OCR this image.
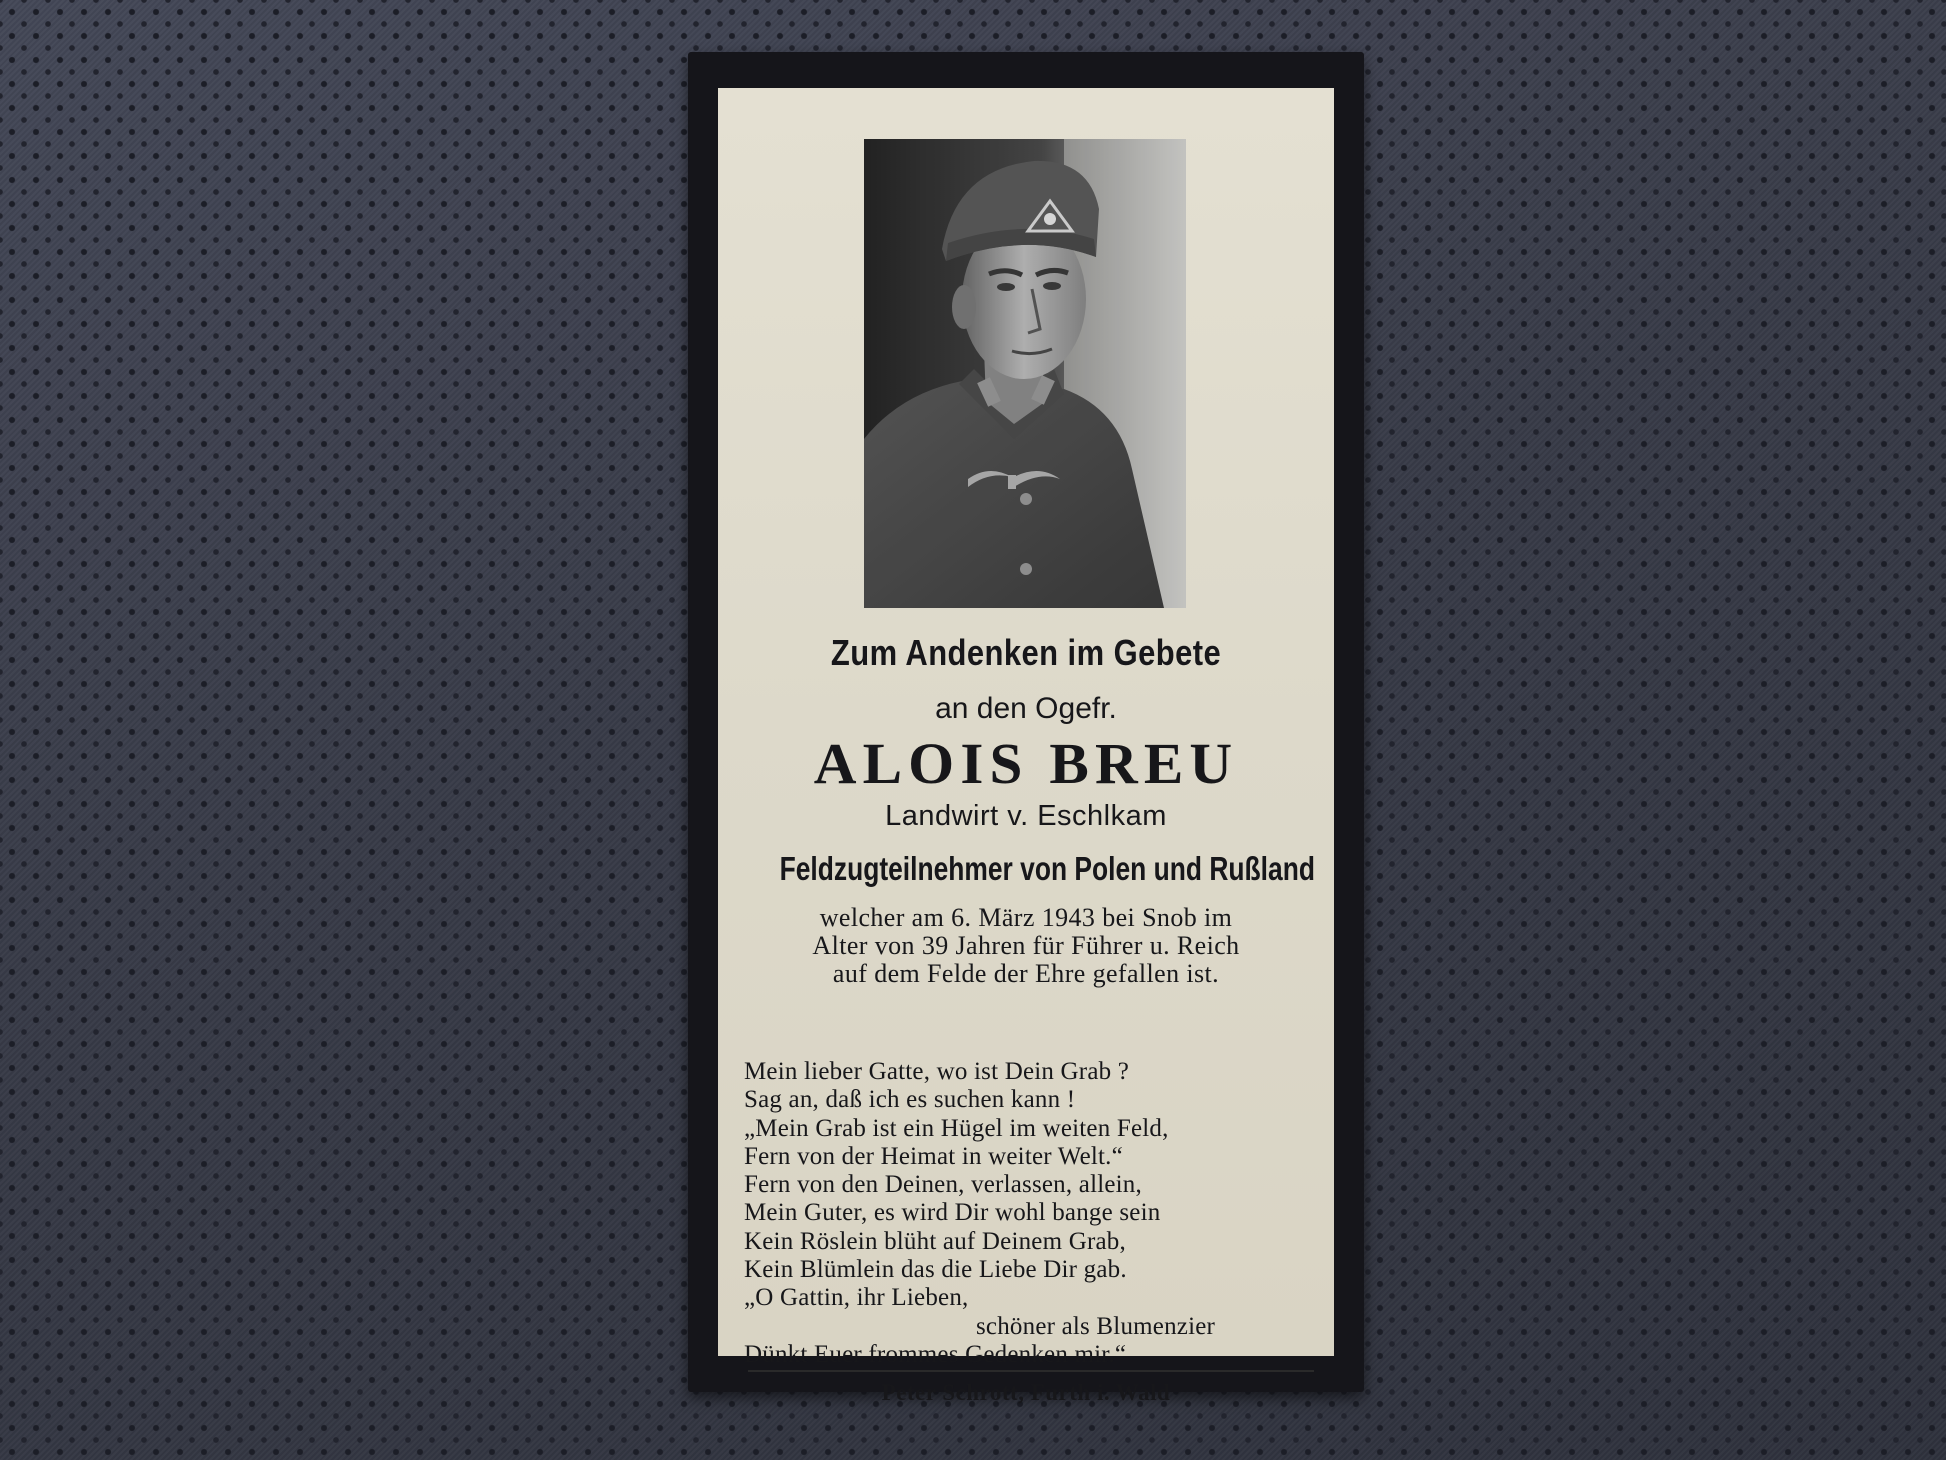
Zum Andenken im Gebete
an den Ogefr.
ALOIS BREU
Landwirt v. Eschlkam
Feldzugteilnehmer von Polen und Rußland
welcher am 6. März 1943 bei Snob im
Alter von 39 Jahren für Führer u. Reich
auf dem Felde der Ehre gefallen ist.
Mein lieber Gatte, wo ist Dein Grab ?
Sag an, daß ich es suchen kann !
„Mein Grab ist ein Hügel im weiten Feld,
Fern von der Heimat in weiter Welt.“
Fern von den Deinen, verlassen, allein,
Mein Guter, es wird Dir wohl bange sein
Kein Röslein blüht auf Deinem Grab,
Kein Blümlein das die Liebe Dir gab.
„O Gattin, ihr Lieben,
schöner als Blumenzier
Dünkt Euer frommes Gedenken mir.“
Peter Schrott, Furth i. Wald
